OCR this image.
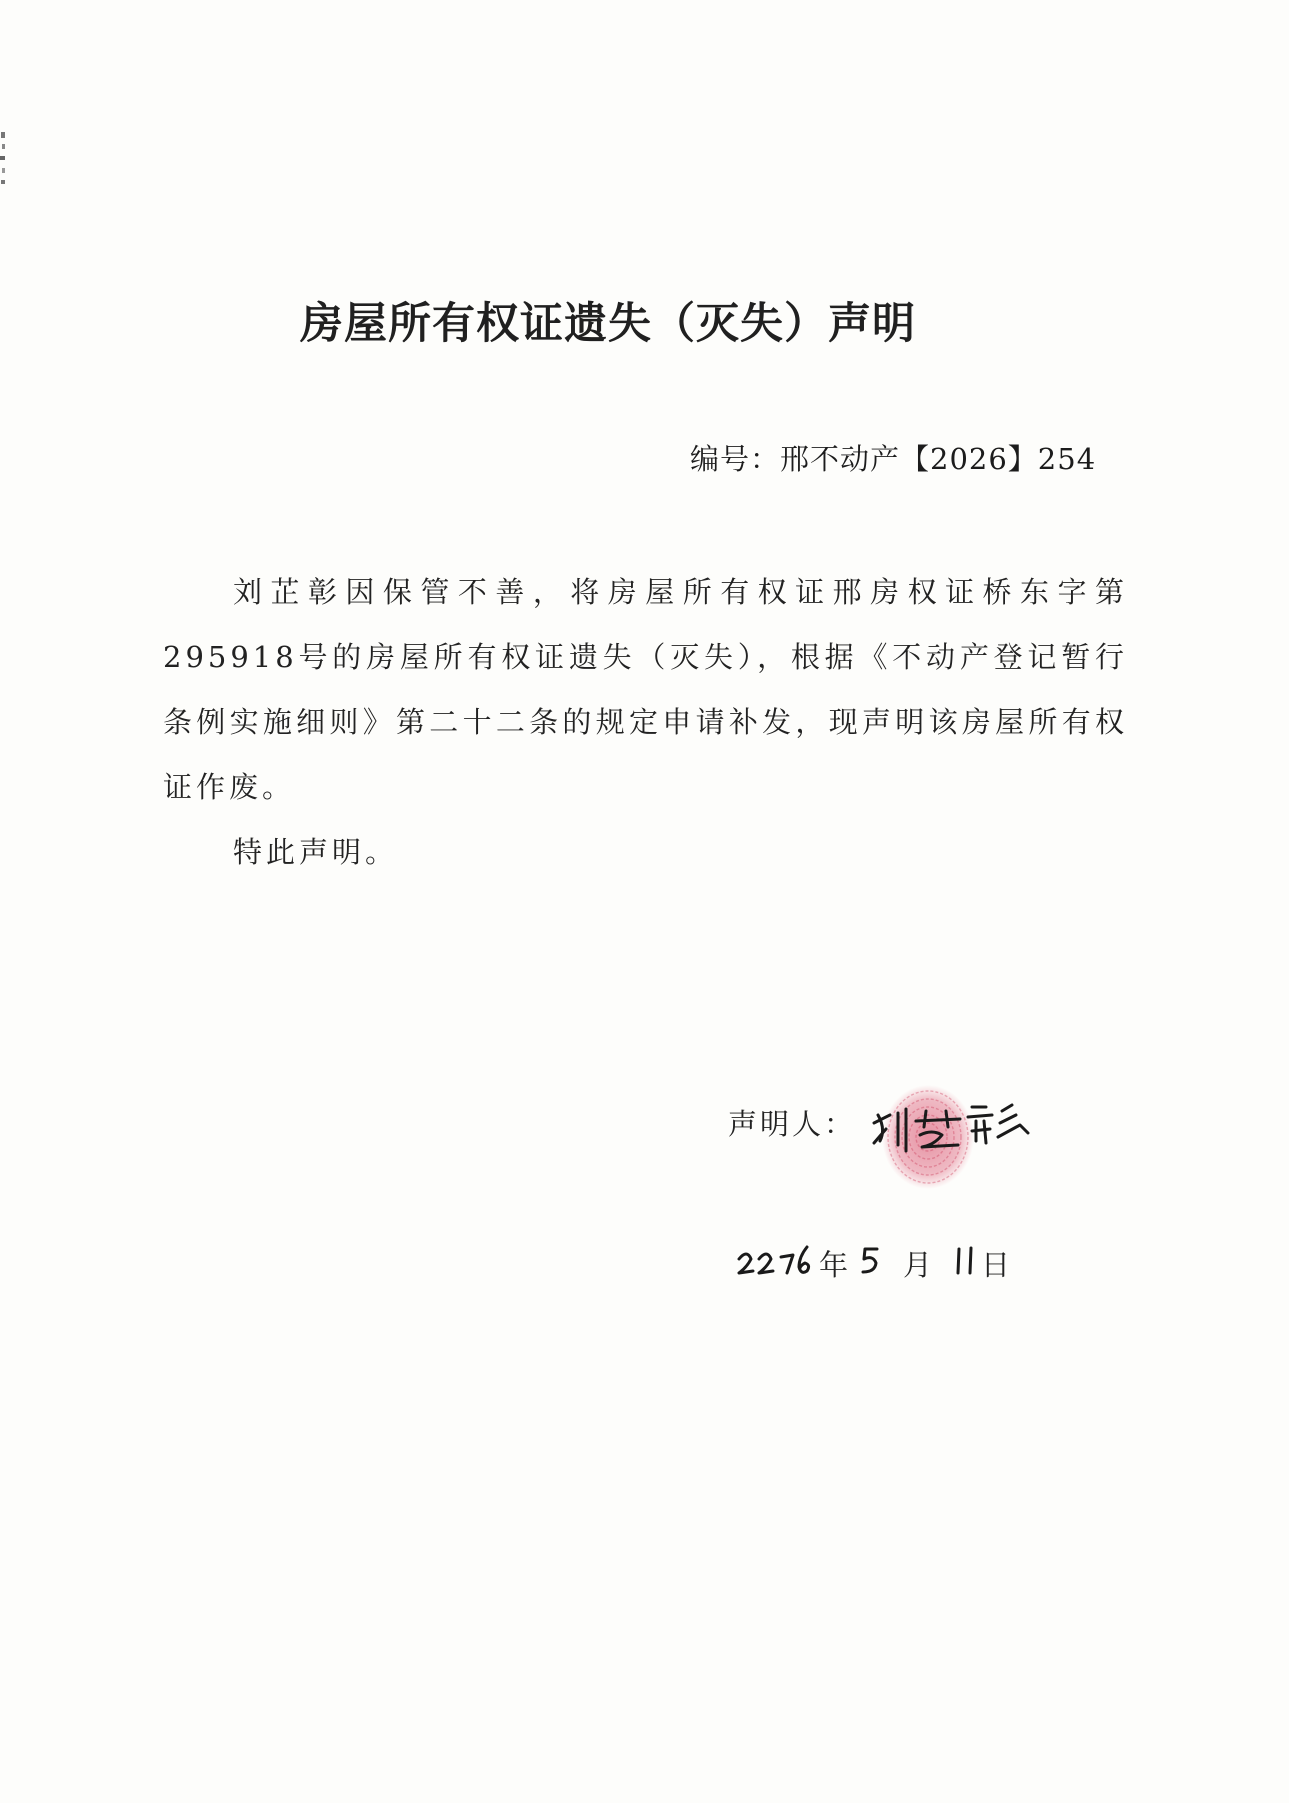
房屋所有权证遗失（灭失）声明
编号：邢不动产【2026】254

刘芷彰因保管不善，将房屋所有权证邢房权证桥东字第295918号的房屋所有权证遗失（灭失），根据《不动产登记暂行条例实施细则》第二十二条的规定申请补发，现声明该房屋所有权证作废。

特此声明。

声明人：
年 月 日
